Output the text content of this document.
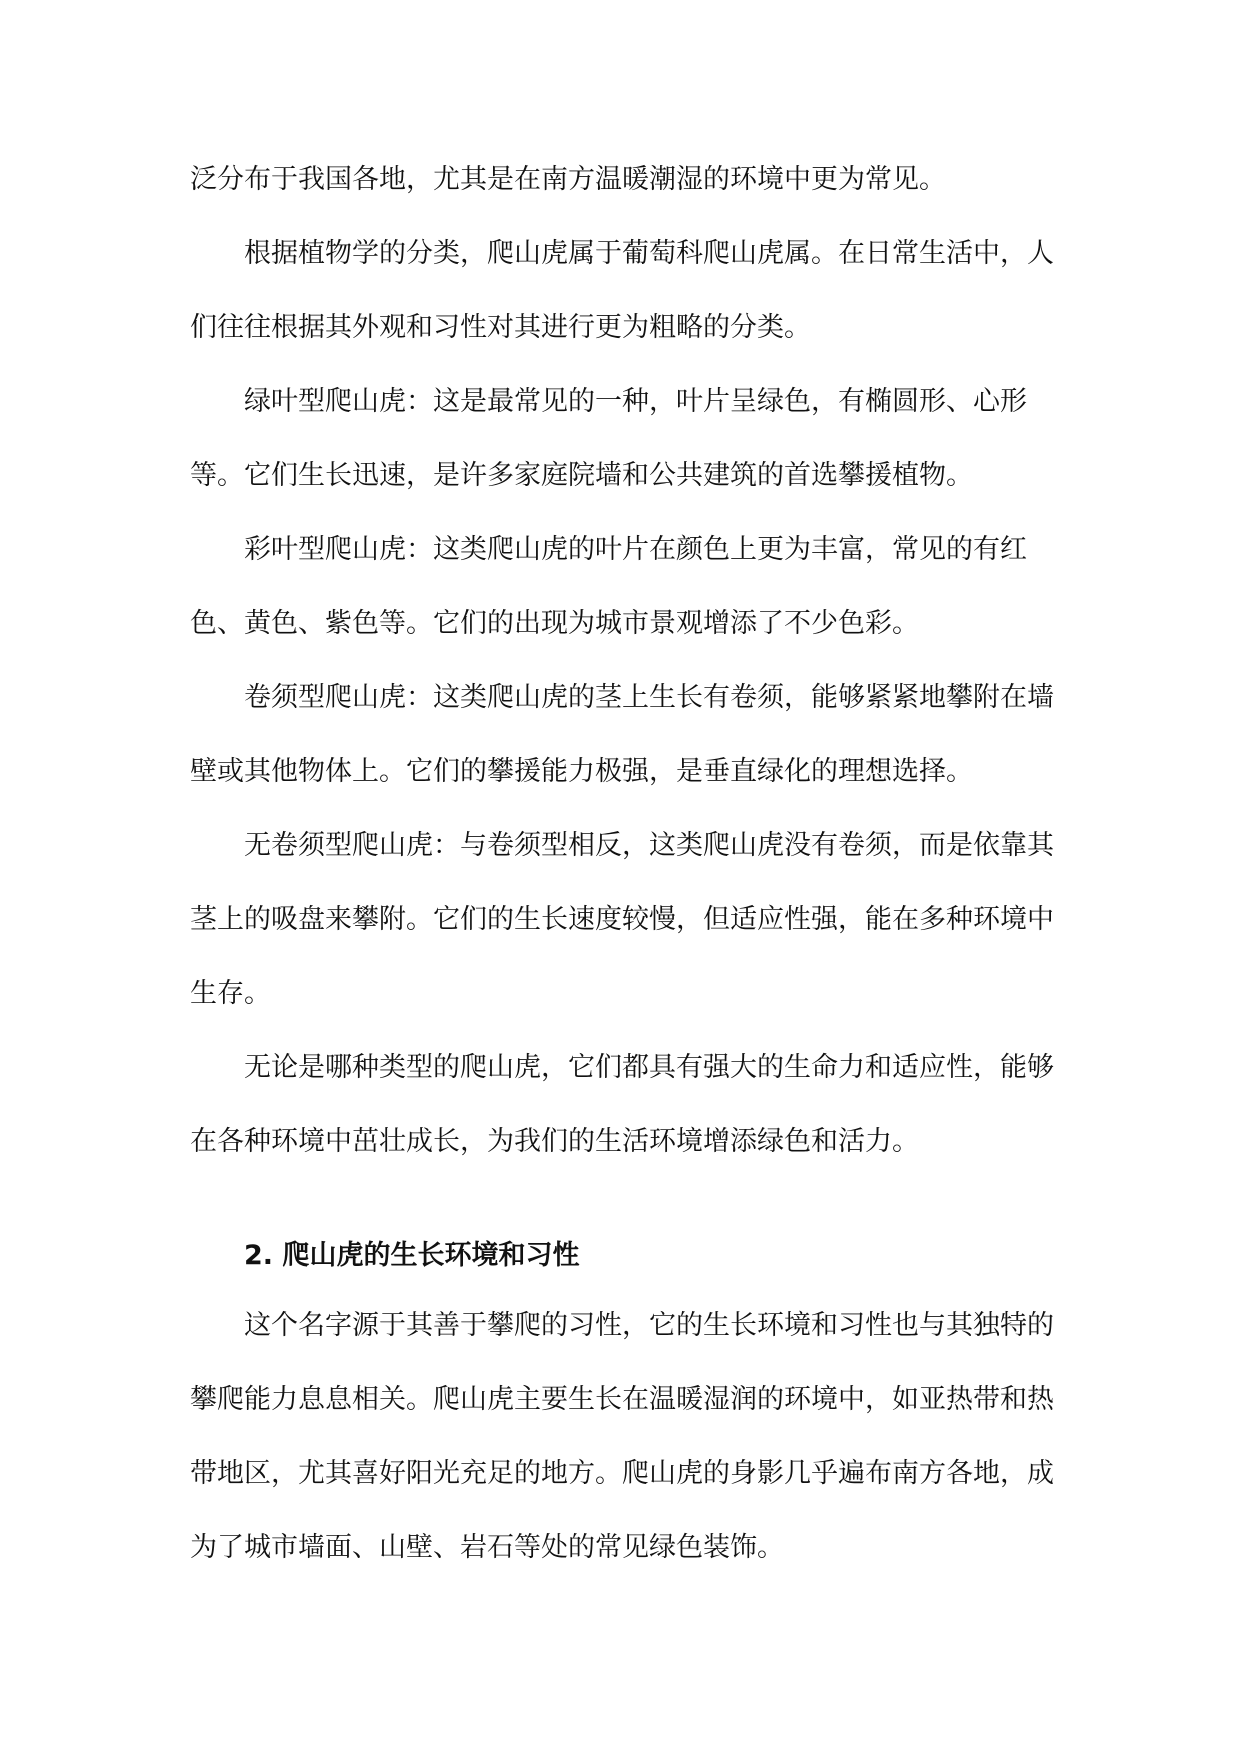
泛分布于我国各地，尤其是在南方温暖潮湿的环境中更为常见。

根据植物学的分类，爬山虎属于葡萄科爬山虎属。在日常生活中，人们往往根据其外观和习性对其进行更为粗略的分类。

绿叶型爬山虎：这是最常见的一种，叶片呈绿色，有椭圆形、心形等。它们生长迅速，是许多家庭院墙和公共建筑的首选攀援植物。

彩叶型爬山虎：这类爬山虎的叶片在颜色上更为丰富，常见的有红色、黄色、紫色等。它们的出现为城市景观增添了不少色彩。

卷须型爬山虎：这类爬山虎的茎上生长有卷须，能够紧紧地攀附在墙壁或其他物体上。它们的攀援能力极强，是垂直绿化的理想选择。

无卷须型爬山虎：与卷须型相反，这类爬山虎没有卷须，而是依靠其茎上的吸盘来攀附。它们的生长速度较慢，但适应性强，能在多种环境中生存。

无论是哪种类型的爬山虎，它们都具有强大的生命力和适应性，能够在各种环境中茁壮成长，为我们的生活环境增添绿色和活力。

2. 爬山虎的生长环境和习性

这个名字源于其善于攀爬的习性，它的生长环境和习性也与其独特的攀爬能力息息相关。爬山虎主要生长在温暖湿润的环境中，如亚热带和热带地区，尤其喜好阳光充足的地方。爬山虎的身影几乎遍布南方各地，成为了城市墙面、山壁、岩石等处的常见绿色装饰。
